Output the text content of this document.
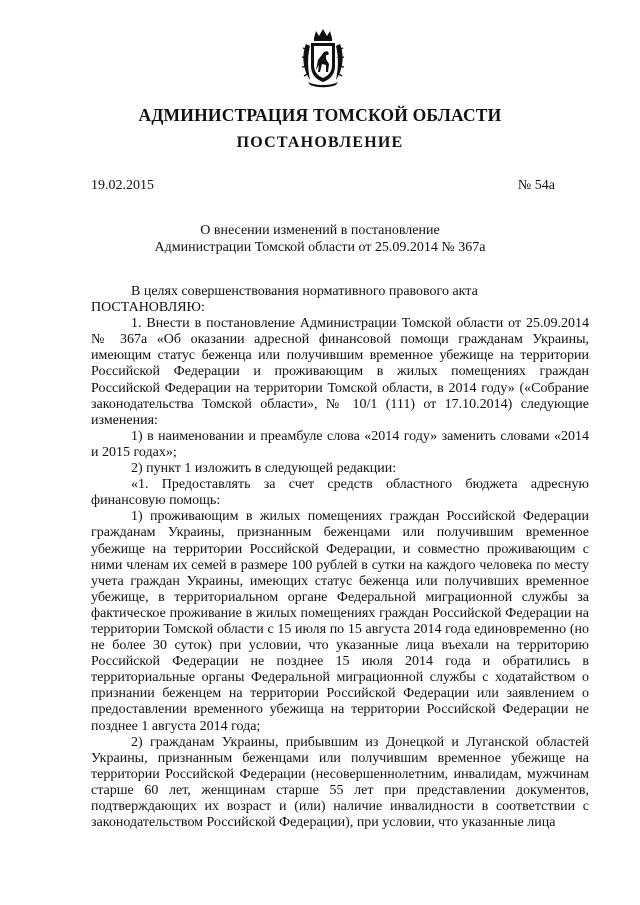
АДМИНИСТРАЦИЯ ТОМСКОЙ ОБЛАСТИ
ПОСТАНОВЛЕНИЕ
19.02.2015	№ 54а
О внесении изменений в постановление
Администрации Томской области от 25.09.2014 № 367а

В целях совершенствования нормативного правового акта

ПОСТАНОВЛЯЮ:

1. Внести в постановление Администрации Томской области от 25.09.2014 № 367а «Об оказании адресной финансовой помощи гражданам Украины, имеющим статус беженца или получившим временное убежище на территории Российской Федерации и проживающим в жилых помещениях граждан Российской Федерации на территории Томской области, в 2014 году» («Собрание законодательства Томской области», № 10/1 (111) от 17.10.2014) следующие изменения:

1) в наименовании и преамбуле слова «2014 году» заменить словами «2014 и 2015 годах»;

2) пункт 1 изложить в следующей редакции:

«1. Предоставлять за счет средств областного бюджета адресную финансовую помощь:

1) проживающим в жилых помещениях граждан Российской Федерации гражданам Украины, признанным беженцами или получившим временное убежище на территории Российской Федерации, и совместно проживающим с ними членам их семей в размере 100 рублей в сутки на каждого человека по месту учета граждан Украины, имеющих статус беженца или получивших временное убежище, в территориальном органе Федеральной миграционной службы за фактическое проживание в жилых помещениях граждан Российской Федерации на территории Томской области с 15 июля по 15 августа 2014 года единовременно (но не более 30 суток) при условии, что указанные лица въехали на территорию Российской Федерации не позднее 15 июля 2014 года и обратились в территориальные органы Федеральной миграционной службы с ходатайством о признании беженцем на территории Российской Федерации или заявлением о предоставлении временного убежища на территории Российской Федерации не позднее 1 августа 2014 года;

2) гражданам Украины, прибывшим из Донецкой и Луганской областей Украины, признанным беженцами или получившим временное убежище на территории Российской Федерации (несовершеннолетним, инвалидам, мужчинам старше 60 лет, женщинам старше 55 лет при представлении документов, подтверждающих их возраст и (или) наличие инвалидности в соответствии с законодательством Российской Федерации), при условии, что указанные лица
